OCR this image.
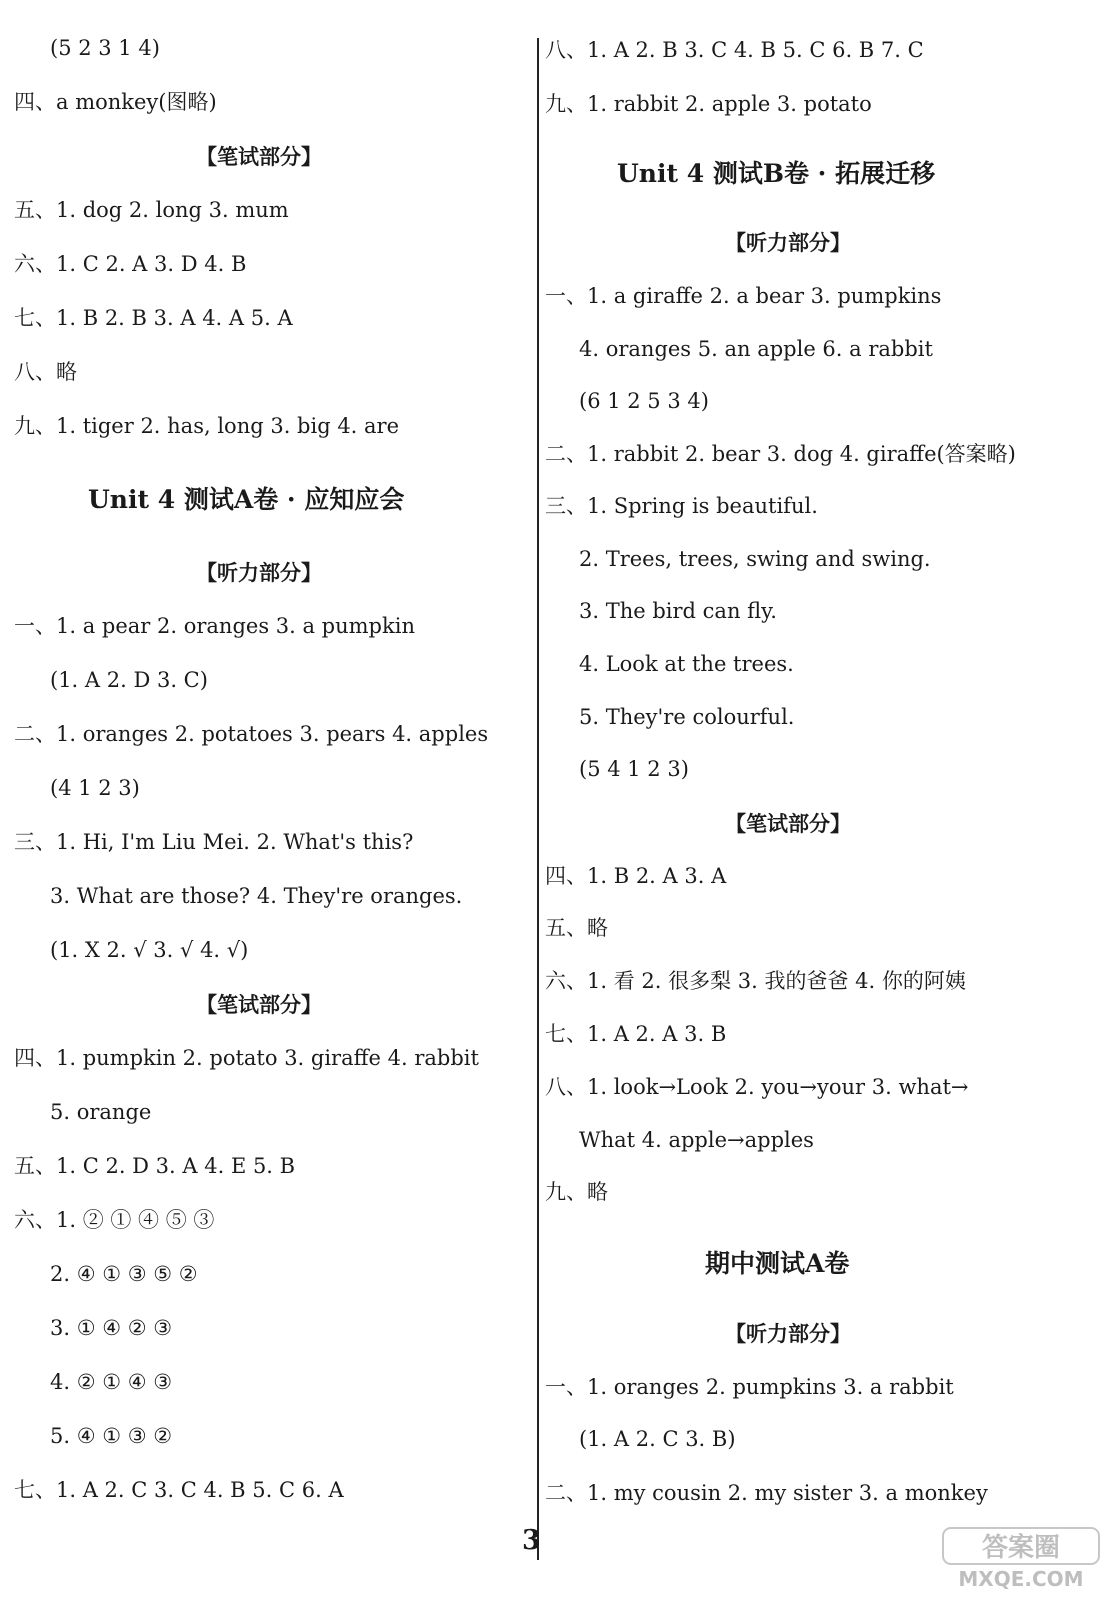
(5 2 3 1 4)
四、a monkey(图略)
【笔试部分】
五、1. dog 2. long 3. mum
六、1. C 2. A 3. D 4. B
七、1. B 2. B 3. A 4. A 5. A
八、略
九、1. tiger 2. has, long 3. big 4. are
Unit 4 测试A卷 · 应知应会
【听力部分】
一、1. a pear 2. oranges 3. a pumpkin
(1. A 2. D 3. C)
二、1. oranges 2. potatoes 3. pears 4. apples
(4 1 2 3)
三、1. Hi, I'm Liu Mei. 2. What's this?
3. What are those? 4. They're oranges.
(1. X 2. √ 3. √ 4. √)
【笔试部分】
四、1. pumpkin 2. potato 3. giraffe 4. rabbit
5. orange
五、1. C 2. D 3. A 4. E 5. B
六、1. ② ① ④ ⑤ ③
2. ④ ① ③ ⑤ ②
3. ① ④ ② ③
4. ② ① ④ ③
5. ④ ① ③ ②
七、1. A 2. C 3. C 4. B 5. C 6. A
八、1. A 2. B 3. C 4. B 5. C 6. B 7. C
九、1. rabbit 2. apple 3. potato
Unit 4 测试B卷 · 拓展迁移
【听力部分】
一、1. a giraffe 2. a bear 3. pumpkins
4. oranges 5. an apple 6. a rabbit
(6 1 2 5 3 4)
二、1. rabbit 2. bear 3. dog 4. giraffe(答案略)
三、1. Spring is beautiful.
2. Trees, trees, swing and swing.
3. The bird can fly.
4. Look at the trees.
5. They're colourful.
(5 4 1 2 3)
【笔试部分】
四、1. B 2. A 3. A
五、略
六、1. 看 2. 很多梨 3. 我的爸爸 4. 你的阿姨
七、1. A 2. A 3. B
八、1. look→Look 2. you→your 3. what→
What 4. apple→apples
九、略
期中测试A卷
【听力部分】
一、1. oranges 2. pumpkins 3. a rabbit
(1. A 2. C 3. B)
二、1. my cousin 2. my sister 3. a monkey
3	答案圈
MXQE.COM
